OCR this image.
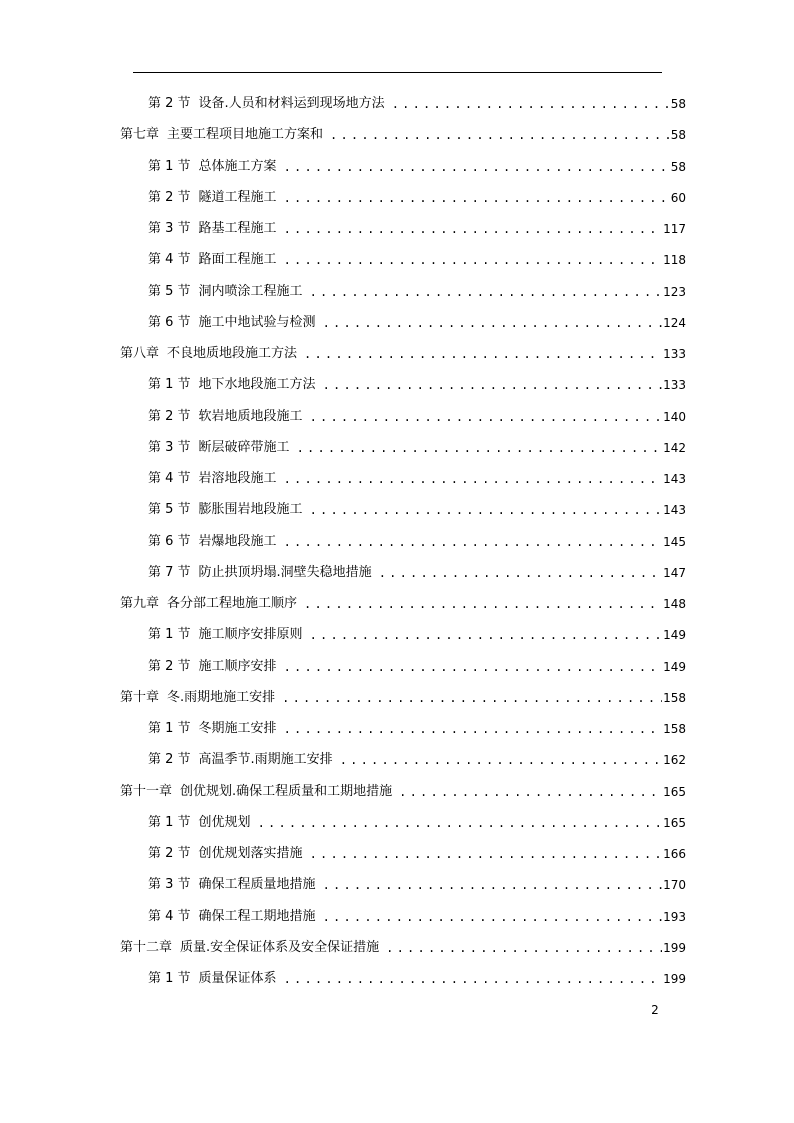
第 2 节 设备.人员和材料运到现场地方法 . . .	58
第七章 主要工程项目地施工方案和 . . .	58
第 1 节 总体施工方案 . . .	58
第 2 节 隧道工程施工 . . .	60
第 3 节 路基工程施工 . . .	117
第 4 节 路面工程施工 . . .	118
第 5 节 洞内喷涂工程施工 . . .	123
第 6 节 施工中地试验与检测 . . .	124
第八章 不良地质地段施工方法 . . .	133
第 1 节 地下水地段施工方法 . . .	133
第 2 节 软岩地质地段施工 . . .	140
第 3 节 断层破碎带施工 . . .	142
第 4 节 岩溶地段施工 . . .	143
第 5 节 膨胀围岩地段施工 . . .	143
第 6 节 岩爆地段施工 . . .	145
第 7 节 防止拱顶坍塌.洞壁失稳地措施 . . .	147
第九章 各分部工程地施工顺序 . . .	148
第 1 节 施工顺序安排原则 . . .	149
第 2 节 施工顺序安排 . . .	149
第十章 冬.雨期地施工安排 . . .	158
第 1 节 冬期施工安排 . . .	158
第 2 节 高温季节.雨期施工安排 . . .	162
第十一章 创优规划.确保工程质量和工期地措施 . . .	165
第 1 节 创优规划 . . .	165
第 2 节 创优规划落实措施 . . .	166
第 3 节 确保工程质量地措施 . . .	170
第 4 节 确保工程工期地措施 . . .	193
第十二章 质量.安全保证体系及安全保证措施 . . .	199
第 1 节 质量保证体系 . . .	199
2
